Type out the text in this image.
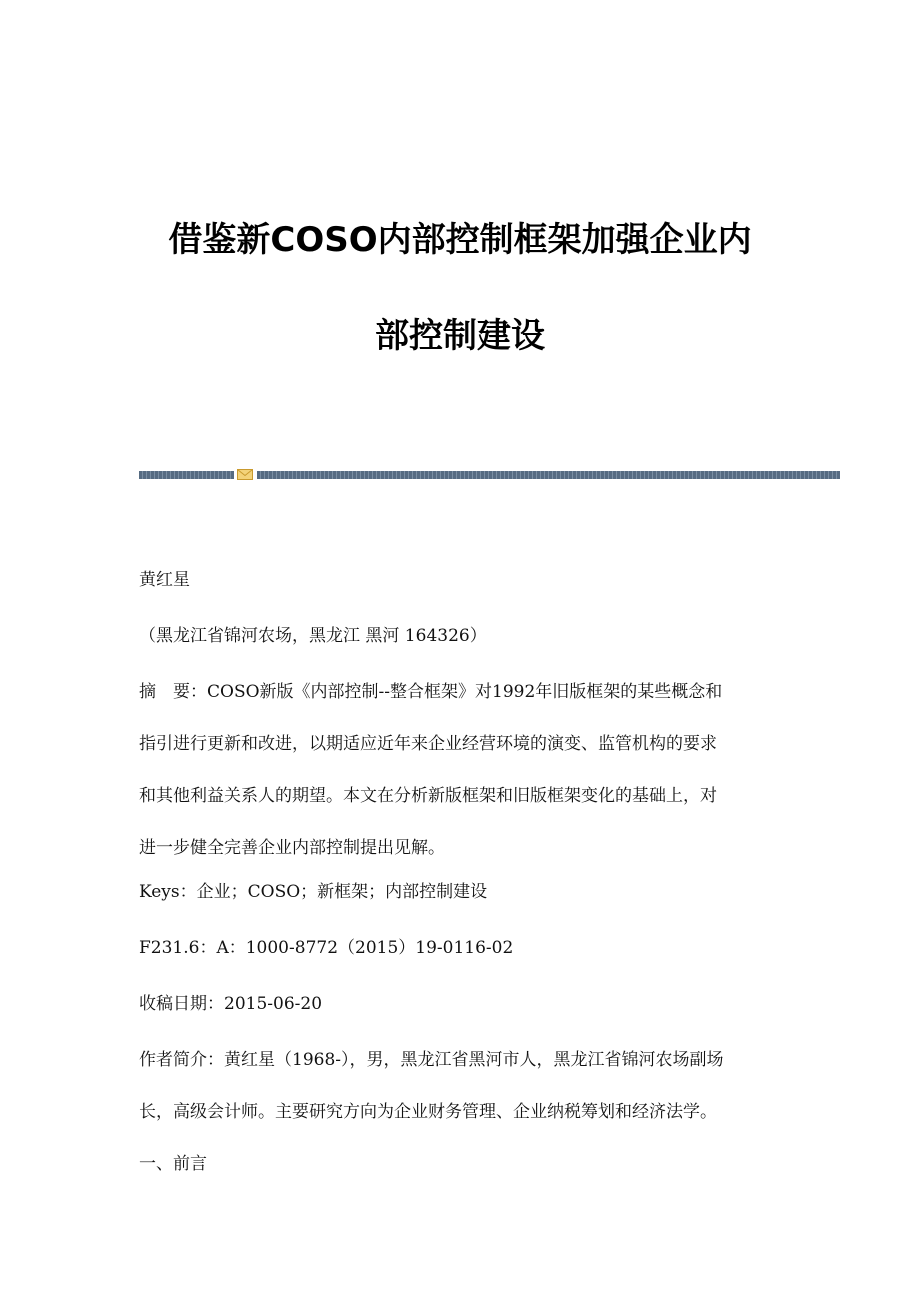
借鉴新COSO内部控制框架加强企业内
部控制建设
黄红星
（黑龙江省锦河农场，黑龙江 黑河 164326）
摘　要：COSO新版《内部控制--整合框架》对1992年旧版框架的某些概念和
指引进行更新和改进，以期适应近年来企业经营环境的演变、监管机构的要求
和其他利益关系人的期望。本文在分析新版框架和旧版框架变化的基础上，对
进一步健全完善企业内部控制提出见解。
Keys：企业；COSO；新框架；内部控制建设
F231.6：A：1000-8772（2015）19-0116-02
收稿日期：2015-06-20
作者简介：黄红星（1968-），男，黑龙江省黑河市人，黑龙江省锦河农场副场
长，高级会计师。主要研究方向为企业财务管理、企业纳税筹划和经济法学。
一、前言
